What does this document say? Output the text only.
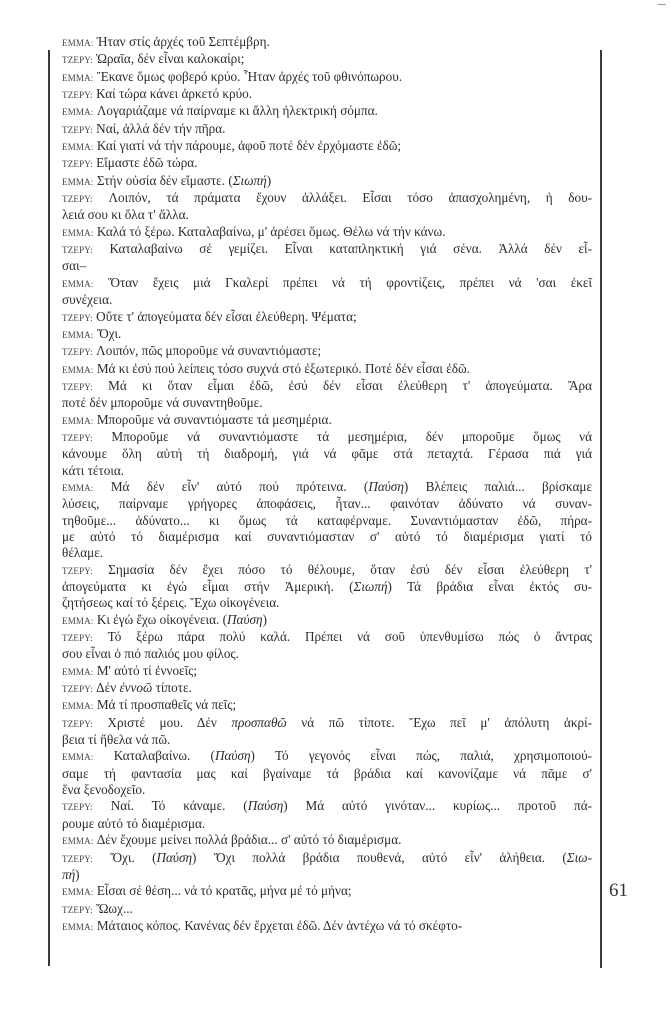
EMMA: Ήταν στίς ἀρχές τοῦ Σεπτέμβρη.
TZEPY: Ὡραῖα, δέν εἶναι καλοκαίρι;
EMMA: Ἔκανε ὅμως φοβερό κρύο. Ἦταν ἀρχές τοῦ φθινόπωρου.
TZEPY: Καί τώρα κάνει ἀρκετό κρύο.
EMMA: Λογαριάζαμε νά παίρναμε κι ἄλλη ἠλεκτρική σόμπα.
TZEPY: Ναί, ἀλλά δέν τήν πῆρα.
EMMA: Καί γιατί νά τήν πάρουμε, ἀφοῦ ποτέ δέν ἐρχόμαστε ἐδῶ;
TZEPY: Εἴμαστε ἐδῶ τώρα.
EMMA: Στήν οὐσία δέν εἴμαστε. (Σιωπή)
TZEPY: Λοιπόν, τά πράματα ἔχουν ἀλλάξει. Εἶσαι τόσο ἀπασχολημένη, ἡ δου-
λειά σου κι ὅλα τ' ἄλλα.
EMMA: Καλά τό ξέρω. Καταλαβαίνω, μ' ἀρέσει ὅμως. Θέλω νά τήν κάνω.
TZEPY: Καταλαβαίνω σέ γεμίζει. Εἶναι καταπληκτική γιά σένα. Ἀλλά δέν εἶ-
σαι–
EMMA: Ὅταν ἔχεις μιά Γκαλερί πρέπει νά τή φροντίζεις, πρέπει νά 'σαι ἐκεῖ
συνέχεια.
TZEPY: Οὔτε τ' ἀπογεύματα δέν εἶσαι ἐλεύθερη. Ψέματα;
EMMA: Ὄχι.
TZEPY: Λοιπόν, πῶς μποροῦμε νά συναντιόμαστε;
EMMA: Μά κι ἐσύ πού λείπεις τόσο συχνά στό ἐξωτερικό. Ποτέ δέν εἶσαι ἐδῶ.
TZEPY: Μά κι ὅταν εἶμαι ἐδῶ, ἐσύ δέν εἶσαι ἐλεύθερη τ' ἀπογεύματα. Ἄρα
ποτέ δέν μποροῦμε νά συναντηθοῦμε.
EMMA: Μποροῦμε νά συναντιόμαστε τά μεσημέρια.
TZEPY: Μποροῦμε νά συναντιόμαστε τά μεσημέρια, δέν μποροῦμε ὅμως νά
κάνουμε ὅλη αὐτή τή διαδρομή, γιά νά φᾶμε στά πεταχτά. Γέρασα πιά γιά
κάτι τέτοια.
EMMA: Μά δέν εἶν' αὐτό πού πρότεινα. (Παύση) Βλέπεις παλιά... βρίσκαμε
λύσεις, παίρναμε γρήγορες ἀποφάσεις, ἦταν... φαινόταν ἀδύνατο νά συναν-
τηθοῦμε... ἀδύνατο... κι ὅμως τά καταφέρναμε. Συναντιόμασταν ἐδῶ, πήρα-
με αὐτό τό διαμέρισμα καί συναντιόμασταν σ' αὐτό τό διαμέρισμα γιατί τό
θέλαμε.
TZEPY: Σημασία δέν ἔχει πόσο τό θέλουμε, ὅταν ἐσύ δέν εἶσαι ἐλεύθερη τ'
ἀπογεύματα κι ἐγώ εἶμαι στήν Ἀμερική. (Σιωπή) Τά βράδια εἶναι ἐκτός συ-
ζητήσεως καί τό ξέρεις. Ἔχω οἰκογένεια.
EMMA: Κι ἐγώ ἔχω οἰκογένεια. (Παύση)
TZEPY: Τό ξέρω πάρα πολύ καλά. Πρέπει νά σοῦ ὑπενθυμίσω πώς ὁ ἄντρας
σου εἶναι ὁ πιό παλιός μου φίλος.
EMMA: Μ' αὐτό τί ἐννοεῖς;
TZEPY: Δέν ἐννοῶ τίποτε.
EMMA: Μά τί προσπαθεῖς νά πεῖς;
TZEPY: Χριστέ μου. Δέν προσπαθῶ νά πῶ τίποτε. Ἔχω πεῖ μ' ἀπόλυτη ἀκρί-
βεια τί ἤθελα νά πῶ.
EMMA: Καταλαβαίνω. (Παύση) Τό γεγονός εἶναι πώς, παλιά, χρησιμοποιού-
σαμε τή φαντασία μας καί βγαίναμε τά βράδια καί κανονίζαμε νά πᾶμε σ'
ἕνα ξενοδοχεῖο.
TZEPY: Ναί. Τό κάναμε. (Παύση) Μά αὐτό γινόταν... κυρίως... προτοῦ πά-
ρουμε αὐτό τό διαμέρισμα.
EMMA: Δέν ἔχουμε μείνει πολλά βράδια... σ' αὐτό τό διαμέρισμα.
TZEPY: Ὄχι. (Παύση) Ὄχι πολλά βράδια πουθενά, αὐτό εἶν' ἀλήθεια. (Σιω-
πή)
EMMA: Εἶσαι σέ θέση... νά τό κρατᾶς, μήνα μέ τό μήνα;
TZEPY: Ὤωχ...
EMMA: Μάταιος κόπος. Κανένας δέν ἔρχεται ἐδῶ. Δέν ἀντέχω νά τό σκέφτο-
61
